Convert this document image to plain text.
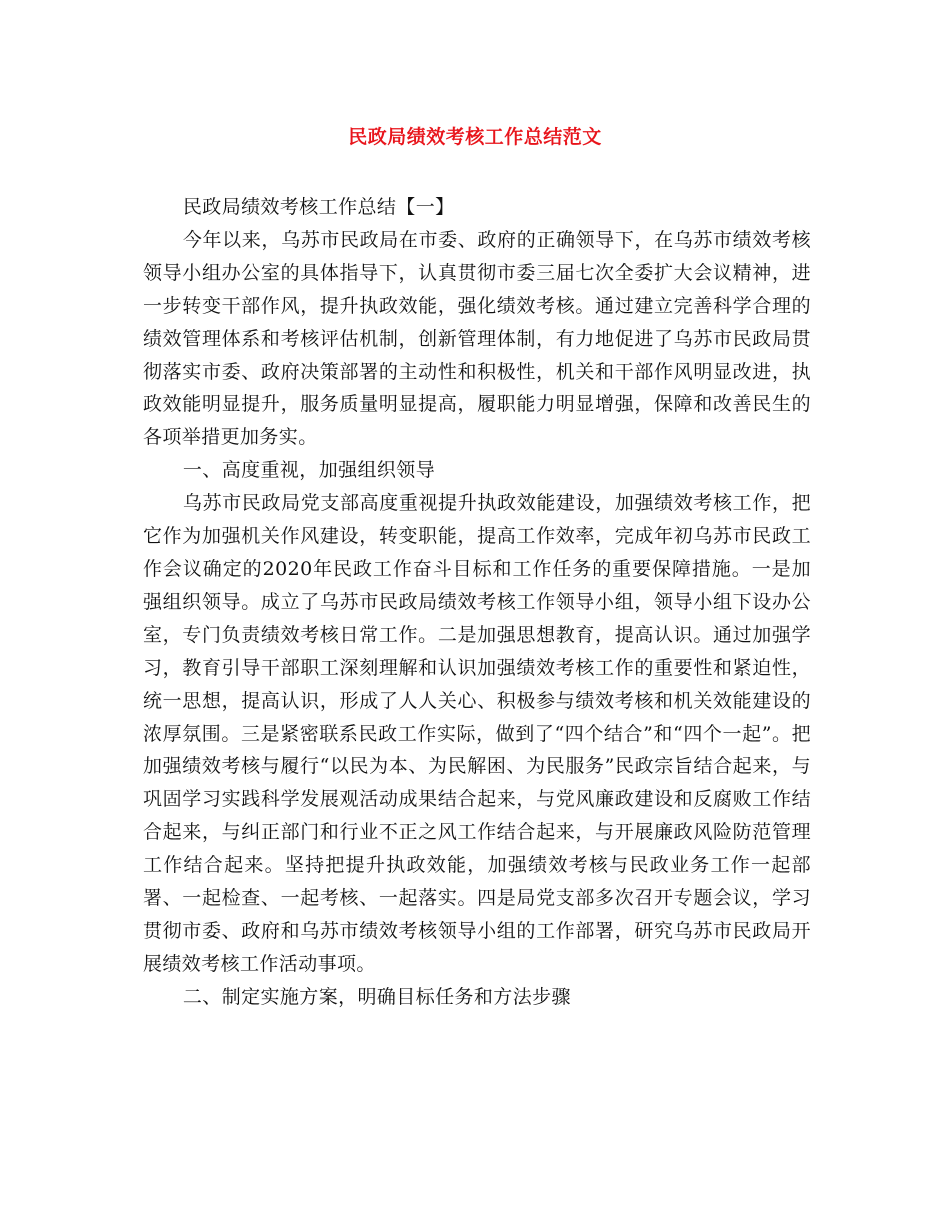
民政局绩效考核工作总结范文

民政局绩效考核工作总结【一】

今年以来，乌苏市民政局在市委、政府的正确领导下，在乌苏市绩效考核领导小组办公室的具体指导下，认真贯彻市委三届七次全委扩大会议精神，进一步转变干部作风，提升执政效能，强化绩效考核。通过建立完善科学合理的绩效管理体系和考核评估机制，创新管理体制，有力地促进了乌苏市民政局贯彻落实市委、政府决策部署的主动性和积极性，机关和干部作风明显改进，执政效能明显提升，服务质量明显提高，履职能力明显增强，保障和改善民生的各项举措更加务实。

一、高度重视，加强组织领导

乌苏市民政局党支部高度重视提升执政效能建设，加强绩效考核工作，把它作为加强机关作风建设，转变职能，提高工作效率，完成年初乌苏市民政工作会议确定的2020年民政工作奋斗目标和工作任务的重要保障措施。一是加强组织领导。成立了乌苏市民政局绩效考核工作领导小组，领导小组下设办公室，专门负责绩效考核日常工作。二是加强思想教育，提高认识。通过加强学习，教育引导干部职工深刻理解和认识加强绩效考核工作的重要性和紧迫性，统一思想，提高认识，形成了人人关心、积极参与绩效考核和机关效能建设的浓厚氛围。三是紧密联系民政工作实际，做到了“四个结合”和“四个一起”。把加强绩效考核与履行“以民为本、为民解困、为民服务”民政宗旨结合起来，与巩固学习实践科学发展观活动成果结合起来，与党风廉政建设和反腐败工作结合起来，与纠正部门和行业不正之风工作结合起来，与开展廉政风险防范管理工作结合起来。坚持把提升执政效能，加强绩效考核与民政业务工作一起部署、一起检查、一起考核、一起落实。四是局党支部多次召开专题会议，学习贯彻市委、政府和乌苏市绩效考核领导小组的工作部署，研究乌苏市民政局开展绩效考核工作活动事项。

二、制定实施方案，明确目标任务和方法步骤
